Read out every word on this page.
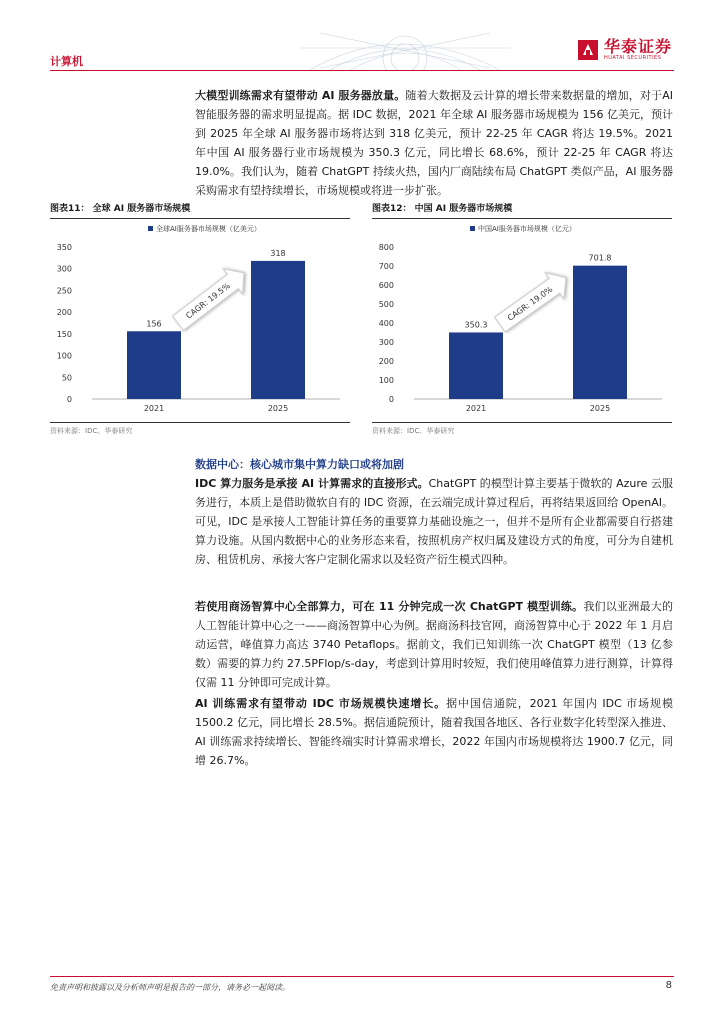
计算机
华泰证券
HUATAI SECURITIES
大模型训练需求有望带动 AI 服务器放量。随着大数据及云计算的增长带来数据量的增加，对于AI智能服务器的需求明显提高。据 IDC 数据，2021 年全球 AI 服务器市场规模为 156 亿美元，预计到 2025 年全球 AI 服务器市场将达到 318 亿美元，预计 22-25 年 CAGR 将达 19.5%。2021 年中国 AI 服务器行业市场规模为 350.3 亿元，同比增长 68.6%，预计 22-25 年 CAGR 将达 19.0%。我们认为，随着 ChatGPT 持续火热，国内厂商陆续布局 ChatGPT 类似产品，AI 服务器采购需求有望持续增长，市场规模或将进一步扩张。
图表11： 全球 AI 服务器市场规模
全球AI服务器市场规模（亿美元）
0
50
100
150
200
250
300
350
156
2021
318
2025
CAGR: 19.5%
资料来源：IDC、华泰研究
图表12： 中国 AI 服务器市场规模
中国AI服务器市场规模（亿元）
0
100
200
300
400
500
600
700
800
350.3
2021
701.8
2025
CAGR: 19.0%
资料来源：IDC、华泰研究
数据中心：核心城市集中算力缺口或将加剧
IDC 算力服务是承接 AI 计算需求的直接形式。ChatGPT 的模型计算主要基于微软的 Azure 云服务进行，本质上是借助微软自有的 IDC 资源，在云端完成计算过程后，再将结果返回给 OpenAI。可见，IDC 是承接人工智能计算任务的重要算力基础设施之一，但并不是所有企业都需要自行搭建算力设施。从国内数据中心的业务形态来看，按照机房产权归属及建设方式的角度，可分为自建机房、租赁机房、承接大客户定制化需求以及轻资产衍生模式四种。
若使用商汤智算中心全部算力，可在 11 分钟完成一次 ChatGPT 模型训练。我们以亚洲最大的人工智能计算中心之一——商汤智算中心为例。据商汤科技官网，商汤智算中心于 2022 年 1 月启动运营，峰值算力高达 3740 Petaflops。据前文，我们已知训练一次 ChatGPT 模型（13 亿参数）需要的算力约 27.5PFlop/s-day，考虑到计算用时较短，我们使用峰值算力进行测算，计算得仅需 11 分钟即可完成计算。
AI 训练需求有望带动 IDC 市场规模快速增长。据中国信通院，2021 年国内 IDC 市场规模 1500.2 亿元，同比增长 28.5%。据信通院预计，随着我国各地区、各行业数字化转型深入推进、AI 训练需求持续增长、智能终端实时计算需求增长，2022 年国内市场规模将达 1900.7 亿元，同增 26.7%。
免责声明和披露以及分析师声明是报告的一部分，请务必一起阅读。	8
